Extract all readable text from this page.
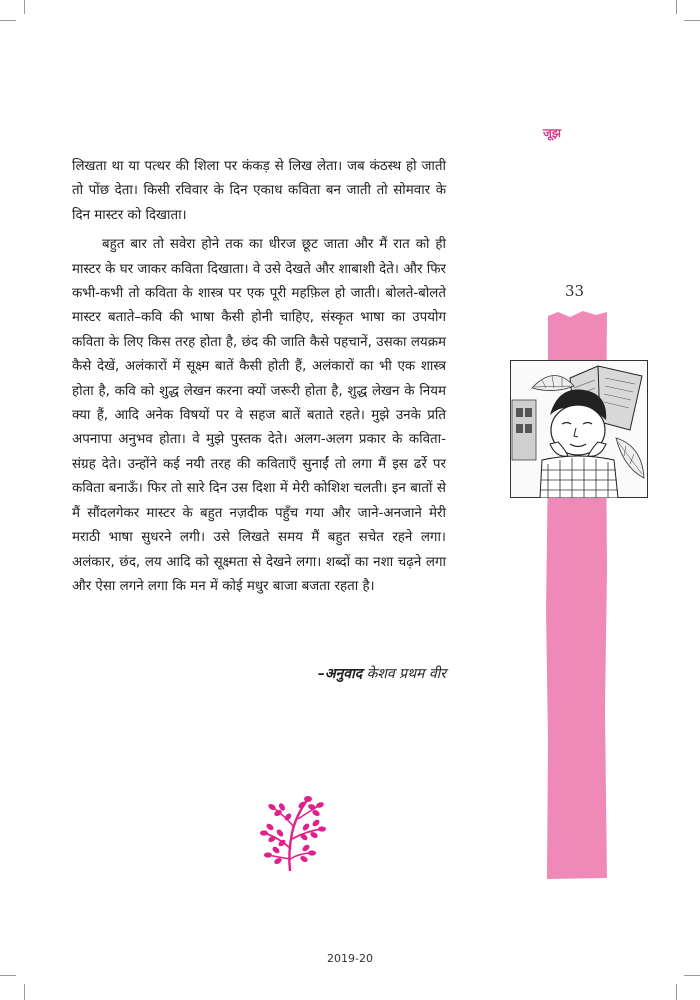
जूझ

लिखता था या पत्थर की शिला पर कंकड़ से लिख लेता। जब कंठस्थ हो जाती तो पोंछ देता। किसी रविवार के दिन एकाध कविता बन जाती तो सोमवार के दिन मास्टर को दिखाता।

बहुत बार तो सवेरा होने तक का धीरज छूट जाता और मैं रात को ही मास्टर के घर जाकर कविता दिखाता। वे उसे देखते और शाबाशी देते। और फिर कभी-कभी तो कविता के शास्त्र पर एक पूरी महफ़िल हो जाती। बोलते-बोलते मास्टर बताते–कवि की भाषा कैसी होनी चाहिए, संस्कृत भाषा का उपयोग कविता के लिए किस तरह होता है, छंद की जाति कैसे पहचानें, उसका लयक्रम कैसे देखें, अलंकारों में सूक्ष्म बातें कैसी होती हैं, अलंकारों का भी एक शास्त्र होता है, कवि को शुद्ध लेखन करना क्यों जरूरी होता है, शुद्ध लेखन के नियम क्या हैं, आदि अनेक विषयों पर वे सहज बातें बताते रहते। मुझे उनके प्रति अपनापा अनुभव होता। वे मुझे पुस्तक देते। अलग-अलग प्रकार के कविता-संग्रह देते। उन्होंने कई नयी तरह की कविताएँ सुनाईं तो लगा मैं इस ढर्रे पर कविता बनाऊँ। फिर तो सारे दिन उस दिशा में मेरी कोशिश चलती। इन बातों से मैं सौंदलगेकर मास्टर के बहुत नज़दीक पहुँच गया और जाने-अनजाने मेरी मराठी भाषा सुधरने लगी। उसे लिखते समय मैं बहुत सचेत रहने लगा। अलंकार, छंद, लय आदि को सूक्ष्मता से देखने लगा। शब्दों का नशा चढ़ने लगा और ऐसा लगने लगा कि मन में कोई मधुर बाजा बजता रहता है।

–अनुवाद केशव प्रथम वीर
33
2019-20
